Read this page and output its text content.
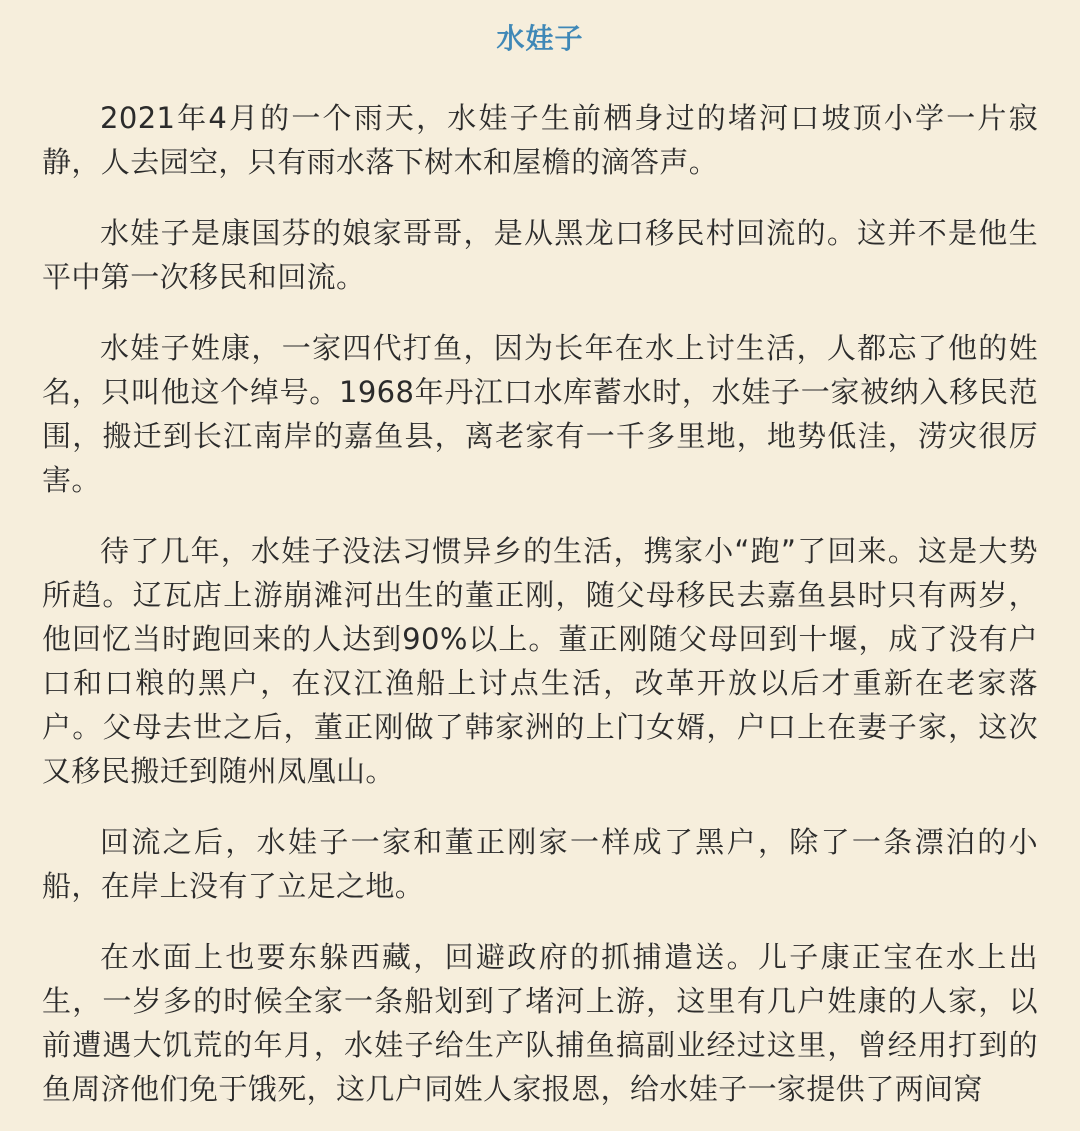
水娃子

2021年4月的一个雨天，水娃子生前栖身过的堵河口坡顶小学一片寂静，人去园空，只有雨水落下树木和屋檐的滴答声。

水娃子是康国芬的娘家哥哥，是从黑龙口移民村回流的。这并不是他生平中第一次移民和回流。

水娃子姓康，一家四代打鱼，因为长年在水上讨生活，人都忘了他的姓名，只叫他这个绰号。1968年丹江口水库蓄水时，水娃子一家被纳入移民范围，搬迁到长江南岸的嘉鱼县，离老家有一千多里地，地势低洼，涝灾很厉害。

待了几年，水娃子没法习惯异乡的生活，携家小“跑”了回来。这是大势所趋。辽瓦店上游崩滩河出生的董正刚，随父母移民去嘉鱼县时只有两岁，他回忆当时跑回来的人达到90%以上。董正刚随父母回到十堰，成了没有户口和口粮的黑户，在汉江渔船上讨点生活，改革开放以后才重新在老家落户。父母去世之后，董正刚做了韩家洲的上门女婿，户口上在妻子家，这次又移民搬迁到随州凤凰山。

回流之后，水娃子一家和董正刚家一样成了黑户，除了一条漂泊的小船，在岸上没有了立足之地。

在水面上也要东躲西藏，回避政府的抓捕遣送。儿子康正宝在水上出生，一岁多的时候全家一条船划到了堵河上游，这里有几户姓康的人家，以前遭遇大饥荒的年月，水娃子给生产队捕鱼搞副业经过这里，曾经用打到的鱼周济他们免于饿死，这几户同姓人家报恩，给水娃子一家提供了两间窝
